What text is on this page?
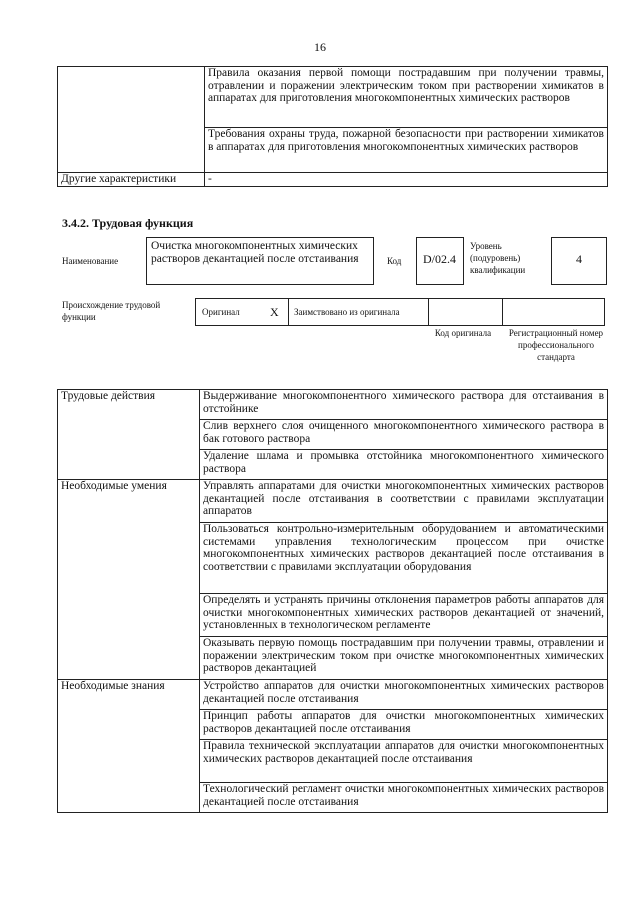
16
	Правила оказания первой помощи пострадавшим при получении травмы, отравлении и поражении электрическим током при растворении химикатов в аппаратах для приготовления многокомпонентных химических растворов
	Требования охраны труда, пожарной безопасности при растворении химикатов в аппаратах для приготовления многокомпонентных химических растворов
Другие характеристики	-
3.4.2. Трудовая функция
Наименование
Очистка многокомпонентных химических растворов декантацией после отстаивания	Код	D/02.4
Уровень (подуровень) квалификации
4
Происхождение трудовой функции	Оригинал	X Заимствовано из оригинала
Код оригинала	Регистрационный номер профессионального стандарта
Трудовые действия	Выдерживание многокомпонентного химического раствора для отстаивания в отстойнике
	Слив верхнего слоя очищенного многокомпонентного химического раствора в бак готового раствора
	Удаление шлама и промывка отстойника многокомпонентного химического раствора
Необходимые умения	Управлять аппаратами для очистки многокомпонентных химических растворов декантацией после отстаивания в соответствии с правилами эксплуатации аппаратов
	Пользоваться контрольно-измерительным оборудованием и автоматическими системами управления технологическим процессом при очистке многокомпонентных химических растворов декантацией после отстаивания в соответствии с правилами эксплуатации оборудования
	Определять и устранять причины отклонения параметров работы аппаратов для очистки многокомпонентных химических растворов декантацией от значений, установленных в технологическом регламенте
	Оказывать первую помощь пострадавшим при получении травмы, отравлении и поражении электрическим током при очистке многокомпонентных химических растворов декантацией
Необходимые знания	Устройство аппаратов для очистки многокомпонентных химических растворов декантацией после отстаивания
	Принцип работы аппаратов для очистки многокомпонентных химических растворов декантацией после отстаивания
	Правила технической эксплуатации аппаратов для очистки многокомпонентных химических растворов декантацией после отстаивания
	Технологический регламент очистки многокомпонентных химических растворов декантацией после отстаивания
